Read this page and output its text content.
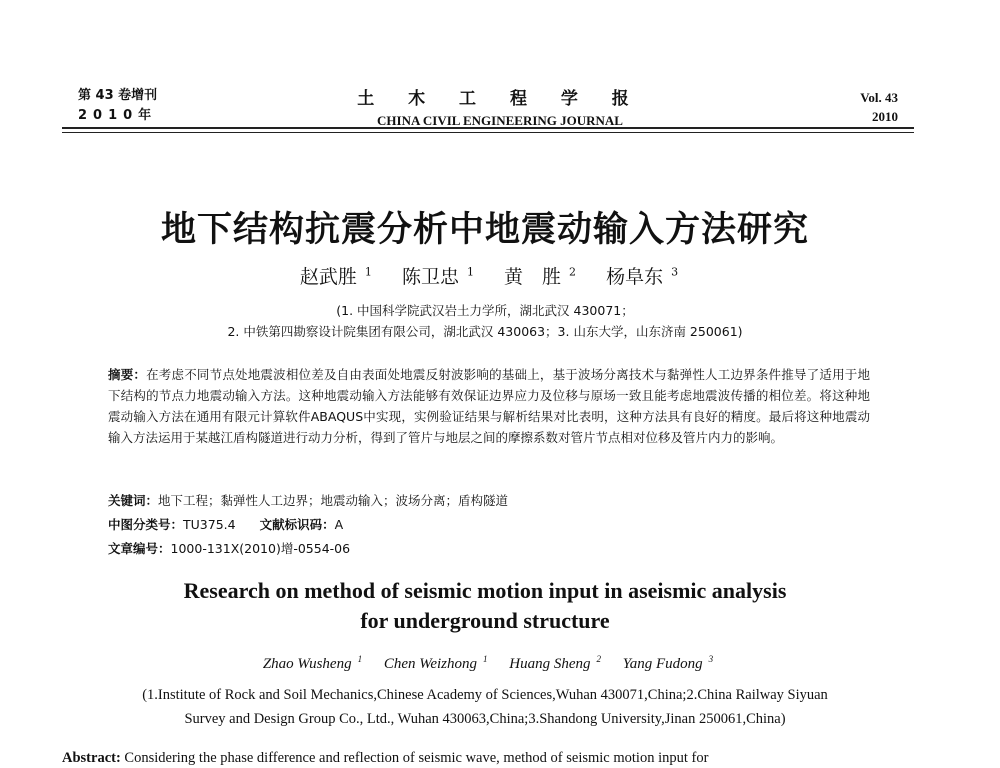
第 43 卷增刊
2010年
土 木 工 程 学 报
CHINA CIVIL ENGINEERING JOURNAL
Vol. 43
2010
地下结构抗震分析中地震动输入方法研究
赵武胜 $^1$ 陈卫忠 $^1$ 黄　胜 $^2$ 杨阜东 $^3$
(1. 中国科学院武汉岩土力学所，湖北武汉 430071；
2. 中铁第四勘察设计院集团有限公司，湖北武汉 430063；3. 山东大学，山东济南 250061)
摘要：在考虑不同节点处地震波相位差及自由表面处地震反射波影响的基础上，基于波场分离技术与黏弹性人工边界条件推导了适用于地下结构的节点力地震动输入方法。这种地震动输入方法能够有效保证边界应力及位移与原场一致且能考虑地震波传播的相位差。将这种地震动输入方法在通用有限元计算软件ABAQUS中实现，实例验证结果与解析结果对比表明，这种方法具有良好的精度。最后将这种地震动输入方法运用于某越江盾构隧道进行动力分析，得到了管片与地层之间的摩擦系数对管片节点相对位移及管片内力的影响。
关键词：地下工程；黏弹性人工边界；地震动输入；波场分离；盾构隧道
中图分类号：TU375.4 文献标识码：A
文章编号：1000-131X(2010)增-0554-06
Research on method of seismic motion input in aseismic analysis
for underground structure
Zhao Wusheng $^1$ Chen Weizhong $^1$ Huang Sheng $^2$ Yang Fudong $^3$
(1.Institute of Rock and Soil Mechanics,Chinese Academy of Sciences,Wuhan 430071,China;2.China Railway Siyuan
Survey and Design Group Co., Ltd., Wuhan 430063,China;3.Shandong University,Jinan 250061,China)
Abstract: Considering the phase difference and reflection of seismic wave, method of seismic motion input for
